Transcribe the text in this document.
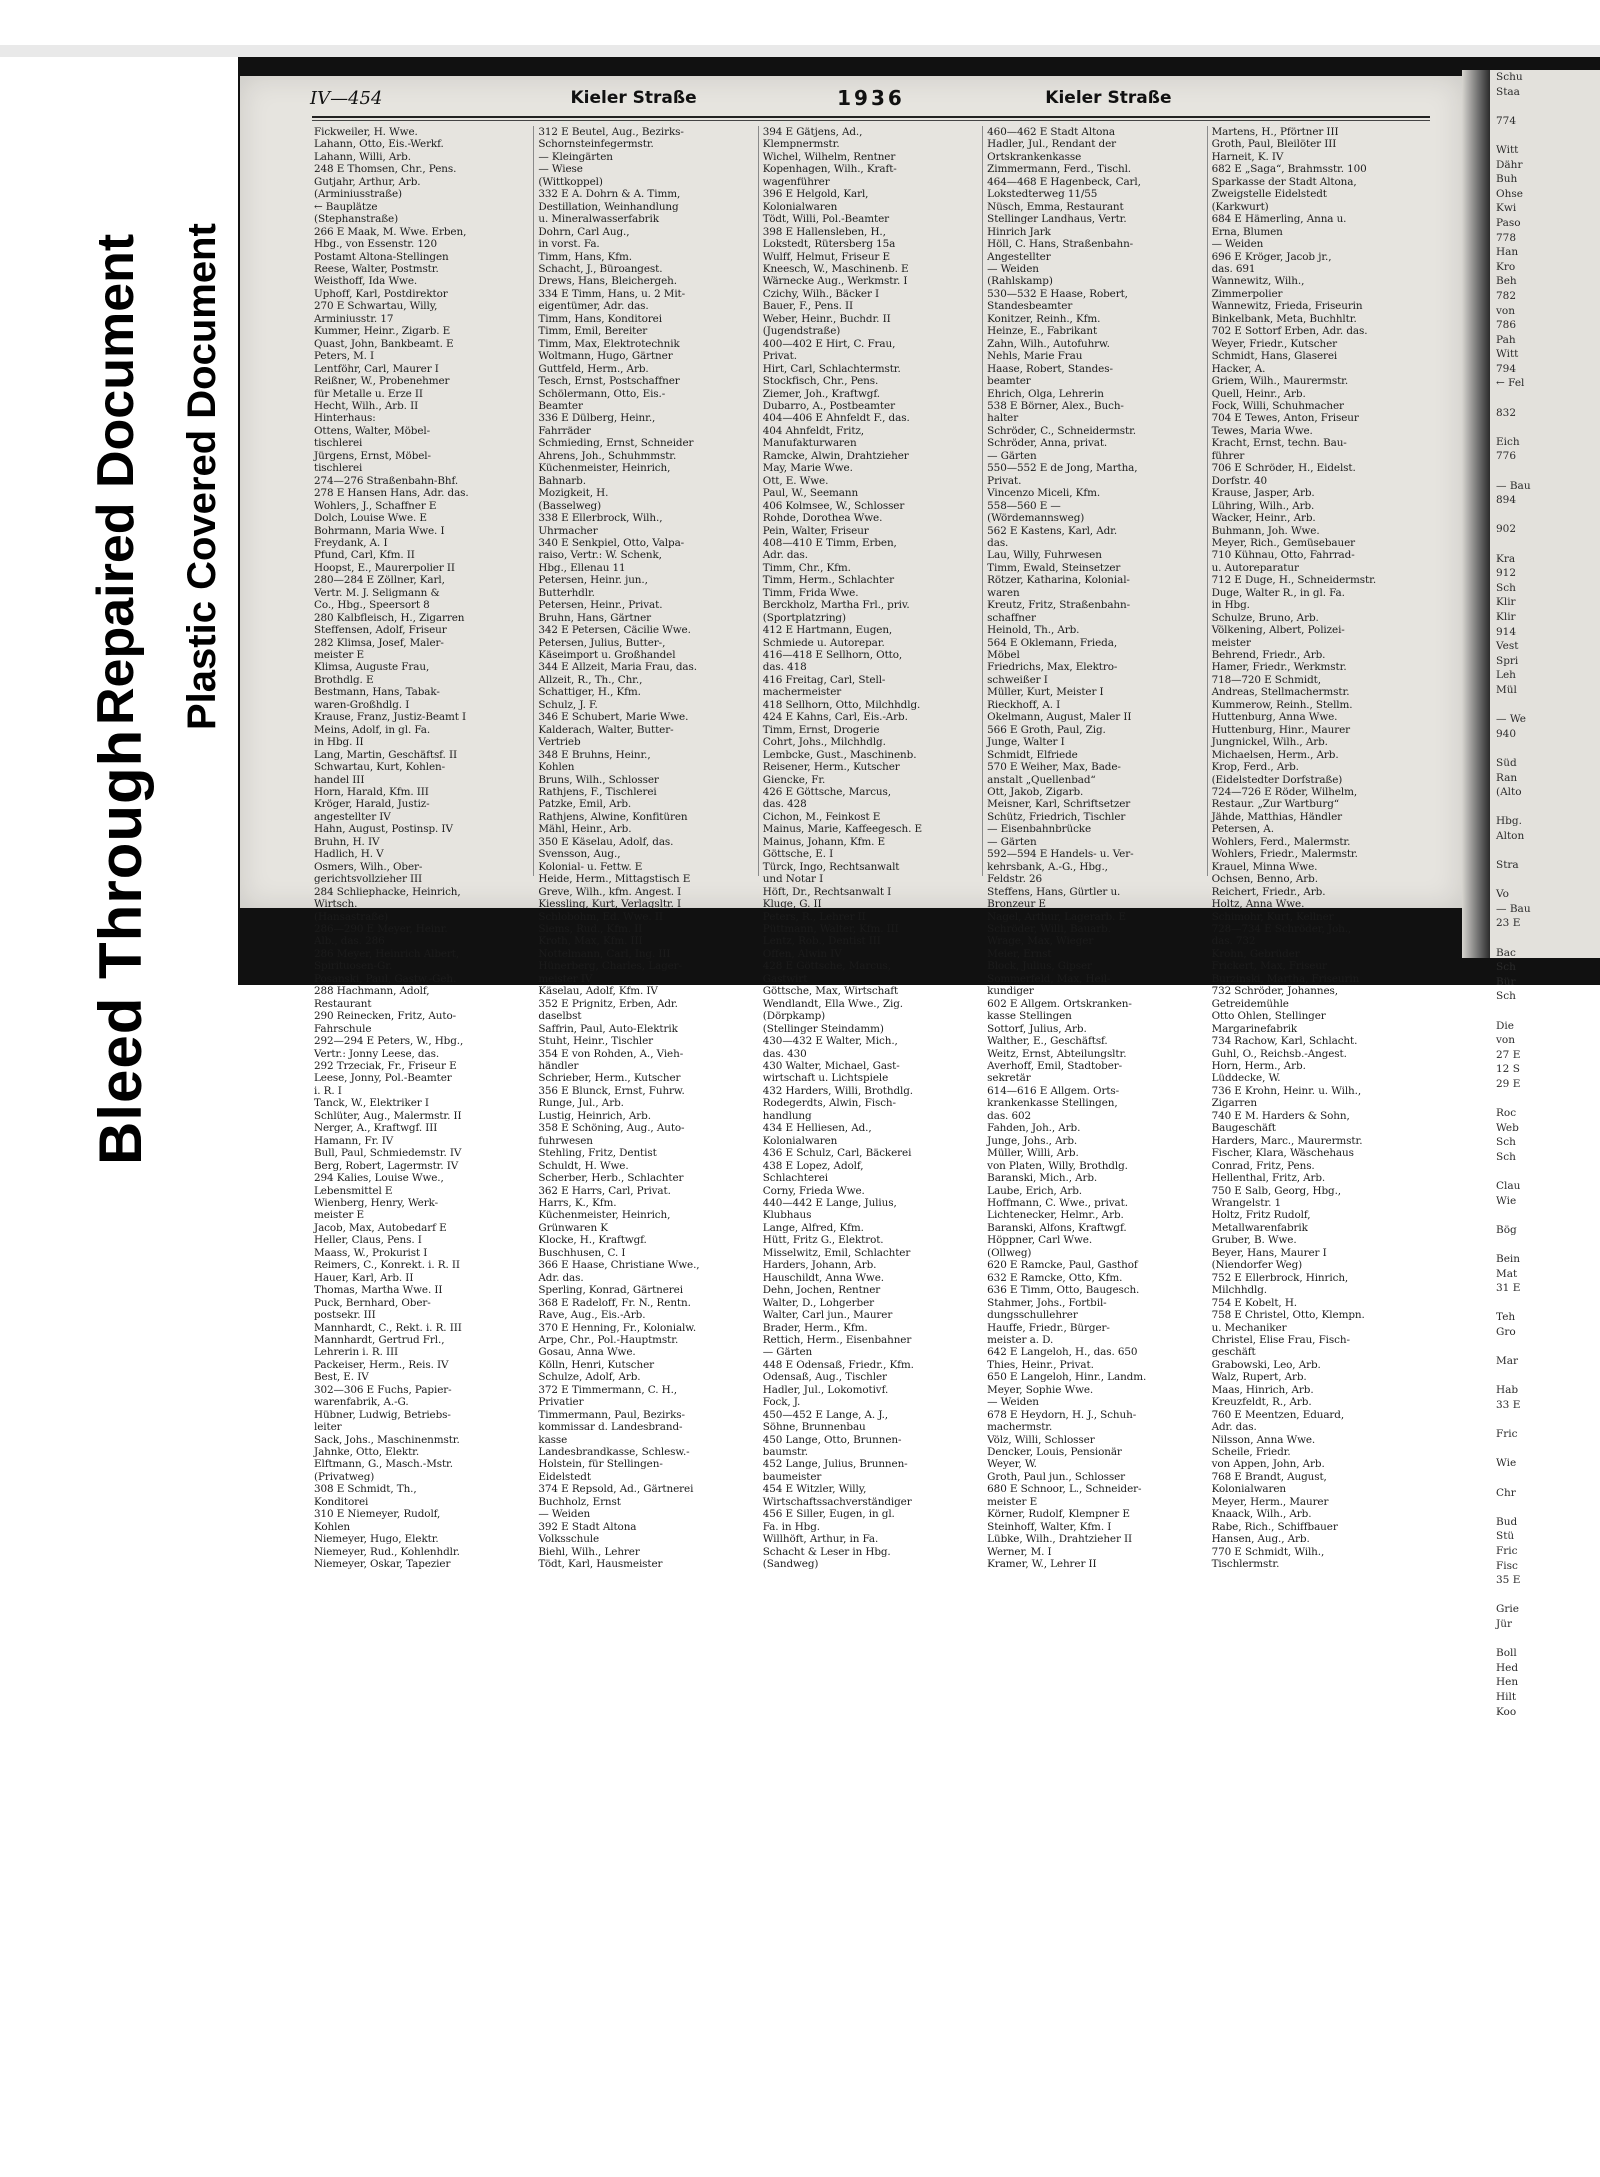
Bleed Through
Repaired Document Plastic Covered Document
IV—454	Kieler Straße	1936	Kieler Straße
Fickweiler, H. Wwe.
Lahann, Otto, Eis.-Werkf.
Lahann, Willi, Arb.
248 E Thomsen, Chr., Pens.
Gutjahr, Arthur, Arb.
(Arminiusstraße)
← Bauplätze
(Stephanstraße)
266 E Maak, M. Wwe. Erben,
Hbg., von Essenstr. 120
Postamt Altona-Stellingen
Reese, Walter, Postmstr.
Weisthoff, Ida Wwe.
Uphoff, Karl, Postdirektor
270 E Schwartau, Willy,
Arminiusstr. 17
Kummer, Heinr., Zigarb. E
Quast, John, Bankbeamt. E
Peters, M. I
Lentföhr, Carl, Maurer I
Reißner, W., Probenehmer
für Metalle u. Erze II
Hecht, Wilh., Arb. II
Hinterhaus:
Ottens, Walter, Möbel-
tischlerei
Jürgens, Ernst, Möbel-
tischlerei
274—276 Straßenbahn-Bhf.
278 E Hansen Hans, Adr. das.
Wohlers, J., Schaffner E
Dolch, Louise Wwe. E
Bohrmann, Maria Wwe. I
Freydank, A. I
Pfund, Carl, Kfm. II
Hoopst, E., Maurerpolier II
280—284 E Zöllner, Karl,
Vertr. M. J. Seligmann &
Co., Hbg., Speersort 8
280 Kalbfleisch, H., Zigarren
Steffensen, Adolf, Friseur
282 Klimsa, Josef, Maler-
meister E
Klimsa, Auguste Frau,
Brothdlg. E
Bestmann, Hans, Tabak-
waren-Großhdlg. I
Krause, Franz, Justiz-Beamt I
Meins, Adolf, in gl. Fa.
in Hbg. II
Lang, Martin, Geschäftsf. II
Schwartau, Kurt, Kohlen-
handel III
Horn, Harald, Kfm. III
Kröger, Harald, Justiz-
angestellter IV
Hahn, August, Postinsp. IV
Bruhn, H. IV
Hadlich, H. V
Osmers, Wilh., Ober-
gerichtsvollzieher III
284 Schliephacke, Heinrich,
Wirtsch.
(Hansastraße)
286—290 E Meyer, Heinr.
Alb., das. 286
286 Meyer, Heinrich Albert,
Spirituosen-Gr.
Posanski, Paul, Gastw.-Geh.
288 Hachmann, Adolf,
Restaurant
290 Reinecken, Fritz, Auto-
Fahrschule
292—294 E Peters, W., Hbg.,
Vertr.: Jonny Leese, das.
292 Trzeciak, Fr., Friseur E
Leese, Jonny, Pol.-Beamter
i. R. I
Tanck, W., Elektriker I
Schlüter, Aug., Malermstr. II
Nerger, A., Kraftwgf. III
Hamann, Fr. IV
Bull, Paul, Schmiedemstr. IV
Berg, Robert, Lagermstr. IV
294 Kalies, Louise Wwe.,
Lebensmittel E
Wienberg, Henry, Werk-
meister E
Jacob, Max, Autobedarf E
Heller, Claus, Pens. I
Maass, W., Prokurist I
Reimers, C., Konrekt. i. R. II
Hauer, Karl, Arb. II
Thomas, Martha Wwe. II
Puck, Bernhard, Ober-
postsekr. III
Mannhardt, C., Rekt. i. R. III
Mannhardt, Gertrud Frl.,
Lehrerin i. R. III
Packeiser, Herm., Reis. IV
Best, E. IV
302—306 E Fuchs, Papier-
warenfabrik, A.-G.
Hübner, Ludwig, Betriebs-
leiter
Sack, Johs., Maschinenmstr.
Jahnke, Otto, Elektr.
Elftmann, G., Masch.-Mstr.
(Privatweg)
308 E Schmidt, Th.,
Konditorei
310 E Niemeyer, Rudolf,
Kohlen
Niemeyer, Hugo, Elektr.
Niemeyer, Rud., Kohlenhdlr.
Niemeyer, Oskar, Tapezier
312 E Beutel, Aug., Bezirks-
Schornsteinfegermstr.
— Kleingärten
— Wiese
(Wittkoppel)
332 E A. Dohrn & A. Timm,
Destillation, Weinhandlung
u. Mineralwasserfabrik
Dohrn, Carl Aug.,
in vorst. Fa.
Timm, Hans, Kfm.
Schacht, J., Büroangest.
Drews, Hans, Bleichergeh.
334 E Timm, Hans, u. 2 Mit-
eigentümer, Adr. das.
Timm, Hans, Konditorei
Timm, Emil, Bereiter
Timm, Max, Elektrotechnik
Woltmann, Hugo, Gärtner
Guttfeld, Herm., Arb.
Tesch, Ernst, Postschaffner
Schölermann, Otto, Eis.-
Beamter
336 E Dülberg, Heinr.,
Fahrräder
Schmieding, Ernst, Schneider
Ahrens, Joh., Schuhmmstr.
Küchenmeister, Heinrich,
Bahnarb.
Mozigkeit, H.
(Basselweg)
338 E Ellerbrock, Wilh.,
Uhrmacher
340 E Senkpiel, Otto, Valpa-
raiso, Vertr.: W. Schenk,
Hbg., Ellenau 11
Petersen, Heinr. jun.,
Butterhdlr.
Petersen, Heinr., Privat.
Bruhn, Hans, Gärtner
342 E Petersen, Cäcilie Wwe.
Petersen, Julius, Butter-,
Käseimport u. Großhandel
344 E Allzeit, Maria Frau, das.
Allzeit, R., Th., Chr.,
Schattiger, H., Kfm.
Schulz, J. F.
346 E Schubert, Marie Wwe.
Kalderach, Walter, Butter-
Vertrieb
348 E Bruhns, Heinr.,
Kohlen
Bruns, Wilh., Schlosser
Rathjens, F., Tischlerei
Patzke, Emil, Arb.
Rathjens, Alwine, Konfitüren
Mähl, Heinr., Arb.
350 E Käselau, Adolf, das.
Svensson, Aug.,
Kolonial- u. Fettw. E
Heide, Herm., Mittagstisch E
Greve, Wilh., kfm. Angest. I
Kiessling, Kurt, Verlagsltr. I
Schlobohm, Ed. Wwe. II
Siems, Rud., Kfm. II
Kroth, Max, Kfm. III
Nottelmann, Carl, Ing. III
Hünerberg, Charles, Lager-
meister IV
Käselau, Adolf, Kfm. IV
352 E Prignitz, Erben, Adr.
daselbst
Saffrin, Paul, Auto-Elektrik
Stuht, Heinr., Tischler
354 E von Rohden, A., Vieh-
händler
Schrieber, Herm., Kutscher
356 E Blunck, Ernst, Fuhrw.
Runge, Jul., Arb.
Lustig, Heinrich, Arb.
358 E Schöning, Aug., Auto-
fuhrwesen
Stehling, Fritz, Dentist
Schuldt, H. Wwe.
Scherber, Herb., Schlachter
362 E Harrs, Carl, Privat.
Harrs, K., Kfm.
Küchenmeister, Heinrich,
Grünwaren K
Klocke, H., Kraftwgf.
Buschhusen, C. I
366 E Haase, Christiane Wwe.,
Adr. das.
Sperling, Konrad, Gärtnerei
368 E Radeloff, Fr. N., Rentn.
Rave, Aug., Eis.-Arb.
370 E Henning, Fr., Kolonialw.
Arpe, Chr., Pol.-Hauptmstr.
Gosau, Anna Wwe.
Kölln, Henri, Kutscher
Schulze, Adolf, Arb.
372 E Timmermann, C. H.,
Privatier
Timmermann, Paul, Bezirks-
kommissar d. Landesbrand-
kasse
Landesbrandkasse, Schlesw.-
Holstein, für Stellingen-
Eidelstedt
374 E Repsold, Ad., Gärtnerei
Buchholz, Ernst
— Weiden
392 E Stadt Altona
Volksschule
Biehl, Wilh., Lehrer
Tödt, Karl, Hausmeister
394 E Gätjens, Ad.,
Klempnermstr.
Wichel, Wilhelm, Rentner
Kopenhagen, Wilh., Kraft-
wagenführer
396 E Helgold, Karl,
Kolonialwaren
Tödt, Willi, Pol.-Beamter
398 E Hallensleben, H.,
Lokstedt, Rütersberg 15a
Wulff, Helmut, Friseur E
Kneesch, W., Maschinenb. E
Wärnecke Aug., Werkmstr. I
Czichy, Wilh., Bäcker I
Bauer, F., Pens. II
Weber, Heinr., Buchdr. II
(Jugendstraße)
400—402 E Hirt, C. Frau,
Privat.
Hirt, Carl, Schlachtermstr.
Stockfisch, Chr., Pens.
Ziemer, Joh., Kraftwgf.
Dubarro, A., Postbeamter
404—406 E Ahnfeldt F., das.
404 Ahnfeldt, Fritz,
Manufakturwaren
Ramcke, Alwin, Drahtzieher
May, Marie Wwe.
Ott, E. Wwe.
Paul, W., Seemann
406 Kolmsee, W., Schlosser
Rohde, Dorothea Wwe.
Pein, Walter, Friseur
408—410 E Timm, Erben,
Adr. das.
Timm, Chr., Kfm.
Timm, Herm., Schlachter
Timm, Frida Wwe.
Berckholz, Martha Frl., priv.
(Sportplatzring)
412 E Hartmann, Eugen,
Schmiede u. Autorepar.
416—418 E Sellhorn, Otto,
das. 418
416 Freitag, Carl, Stell-
machermeister
418 Sellhorn, Otto, Milchhdlg.
424 E Kahns, Carl, Eis.-Arb.
Timm, Ernst, Drogerie
Cohrt, Johs., Milchhdlg.
Lembcke, Gust., Maschinenb.
Reisener, Herm., Kutscher
Giencke, Fr.
426 E Göttsche, Marcus,
das. 428
Cichon, M., Feinkost E
Mainus, Marie, Kaffeegesch. E
Mainus, Johann, Kfm. E
Göttsche, E. I
Türck, Ingo, Rechtsanwalt
und Notar I
Höft, Dr., Rechtsanwalt I
Kluge, G. II
Peters, R., Lehrer II
Püttmann, Walter, Kfm. III
Lentz, Rob., Dentist III
Offen, Alwin IV
428 E Göttsche, Marcus,
Gastwirt
Göttsche, Max, Wirtschaft
Wendlandt, Ella Wwe., Zig.
(Dörpkamp)
(Stellinger Steindamm)
430—432 E Walter, Mich.,
das. 430
430 Walter, Michael, Gast-
wirtschaft u. Lichtspiele
432 Harders, Willi, Brothdlg.
Rodegerdts, Alwin, Fisch-
handlung
434 E Helliesen, Ad.,
Kolonialwaren
436 E Schulz, Carl, Bäckerei
438 E Lopez, Adolf,
Schlachterei
Corny, Frieda Wwe.
440—442 E Lange, Julius,
Klubhaus
Lange, Alfred, Kfm.
Hütt, Fritz G., Elektrot.
Misselwitz, Emil, Schlachter
Harders, Johann, Arb.
Hauschildt, Anna Wwe.
Dehn, Jochen, Rentner
Walter, D., Lohgerber
Walter, Carl jun., Maurer
Brader, Herm., Kfm.
Rettich, Herm., Eisenbahner
— Gärten
448 E Odensaß, Friedr., Kfm.
Odensaß, Aug., Tischler
Hadler, Jul., Lokomotivf.
Fock, J.
450—452 E Lange, A. J.,
Söhne, Brunnenbau
450 Lange, Otto, Brunnen-
baumstr.
452 Lange, Julius, Brunnen-
baumeister
454 E Witzler, Willy,
Wirtschaftssachverständiger
456 E Siller, Eugen, in gl.
Fa. in Hbg.
Willhöft, Arthur, in Fa.
Schacht & Leser in Hbg.
(Sandweg)
460—462 E Stadt Altona
Hadler, Jul., Rendant der
Ortskrankenkasse
Zimmermann, Ferd., Tischl.
464—468 E Hagenbeck, Carl,
Lokstedterweg 11/55
Nüsch, Emma, Restaurant
Stellinger Landhaus, Vertr.
Hinrich Jark
Höll, C. Hans, Straßenbahn-
Angestellter
— Weiden
(Rahlskamp)
530—532 E Haase, Robert,
Standesbeamter
Konitzer, Reinh., Kfm.
Heinze, E., Fabrikant
Zahn, Wilh., Autofuhrw.
Nehls, Marie Frau
Haase, Robert, Standes-
beamter
Ehrich, Olga, Lehrerin
538 E Börner, Alex., Buch-
halter
Schröder, C., Schneidermstr.
Schröder, Anna, privat.
— Gärten
550—552 E de Jong, Martha,
Privat.
Vincenzo Miceli, Kfm.
558—560 E —
(Wördemannsweg)
562 E Kastens, Karl, Adr.
das.
Lau, Willy, Fuhrwesen
Timm, Ewald, Steinsetzer
Rötzer, Katharina, Kolonial-
waren
Kreutz, Fritz, Straßenbahn-
schaffner
Heinold, Th., Arb.
564 E Oklemann, Frieda,
Möbel
Friedrichs, Max, Elektro-
schweißer I
Müller, Kurt, Meister I
Rieckhoff, A. I
Okelmann, August, Maler II
566 E Groth, Paul, Zig.
Junge, Walter I
Schmidt, Elfriede
570 E Weiher, Max, Bade-
anstalt „Quellenbad“
Ott, Jakob, Zigarb.
Meisner, Karl, Schriftsetzer
Schütz, Friedrich, Tischler
— Eisenbahnbrücke
— Gärten
592—594 E Handels- u. Ver-
kehrsbank, A.-G., Hbg.,
Feldstr. 26
Steffens, Hans, Gürtler u.
Bronzeur E
Nagel, Arthur, Lagerarb. E
Schröder, Willi, Bauarb.
Wrage, Max, Wieger
Meier, Ernst
Block, Julius, Gipser
Sommerfeld, Max, Heil-
kundiger
602 E Allgem. Ortskranken-
kasse Stellingen
Sottorf, Julius, Arb.
Walther, E., Geschäftsf.
Weitz, Ernst, Abteilungsltr.
Averhoff, Emil, Stadtober-
sekretär
614—616 E Allgem. Orts-
krankenkasse Stellingen,
das. 602
Fahden, Joh., Arb.
Junge, Johs., Arb.
Müller, Willi, Arb.
von Platen, Willy, Brothdlg.
Baranski, Mich., Arb.
Laube, Erich, Arb.
Hoffmann, C. Wwe., privat.
Lichtenecker, Helmr., Arb.
Baranski, Alfons, Kraftwgf.
Höppner, Carl Wwe.
(Ollweg)
620 E Ramcke, Paul, Gasthof
632 E Ramcke, Otto, Kfm.
636 E Timm, Otto, Baugesch.
Stahmer, Johs., Fortbil-
dungsschullehrer
Hauffe, Friedr., Bürger-
meister a. D.
642 E Langeloh, H., das. 650
Thies, Heinr., Privat.
650 E Langeloh, Hinr., Landm.
Meyer, Sophie Wwe.
— Weiden
678 E Heydorn, H. J., Schuh-
machermstr.
Völz, Willi, Schlosser
Dencker, Louis, Pensionär
Weyer, W.
Groth, Paul jun., Schlosser
680 E Schnoor, L., Schneider-
meister E
Körner, Rudolf, Klempner E
Steinhoff, Walter, Kfm. I
Lübke, Wilh., Drahtzieher II
Werner, M. I
Kramer, W., Lehrer II
Martens, H., Pförtner III
Groth, Paul, Bleilöter III
Harneit, K. IV
682 E „Saga“, Brahmsstr. 100
Sparkasse der Stadt Altona,
Zweigstelle Eidelstedt
(Karkwurt)
684 E Hämerling, Anna u.
Erna, Blumen
— Weiden
696 E Kröger, Jacob jr.,
das. 691
Wannewitz, Wilh.,
Zimmerpolier
Wannewitz, Frieda, Friseurin
Binkelbank, Meta, Buchhltr.
702 E Sottorf Erben, Adr. das.
Weyer, Friedr., Kutscher
Schmidt, Hans, Glaserei
Hacker, A.
Griem, Wilh., Maurermstr.
Quell, Heinr., Arb.
Fock, Willi, Schuhmacher
704 E Tewes, Anton, Friseur
Tewes, Maria Wwe.
Kracht, Ernst, techn. Bau-
führer
706 E Schröder, H., Eidelst.
Dorfstr. 40
Krause, Jasper, Arb.
Lühring, Wilh., Arb.
Wacker, Heinr., Arb.
Buhmann, Joh. Wwe.
Meyer, Rich., Gemüsebauer
710 Kühnau, Otto, Fahrrad-
u. Autoreparatur
712 E Duge, H., Schneidermstr.
Duge, Walter R., in gl. Fa.
in Hbg.
Schulze, Bruno, Arb.
Völkening, Albert, Polizei-
meister
Behrend, Friedr., Arb.
Hamer, Friedr., Werkmstr.
718—720 E Schmidt,
Andreas, Stellmachermstr.
Kummerow, Reinh., Stellm.
Huttenburg, Anna Wwe.
Huttenburg, Hinr., Maurer
Jungnickel, Wilh., Arb.
Michaelsen, Herm., Arb.
Krop, Ferd., Arb.
(Eidelstedter Dorfstraße)
724—726 E Röder, Wilhelm,
Restaur. „Zur Wartburg“
Jähde, Matthias, Händler
Petersen, A.
Wohlers, Ferd., Malermstr.
Wohlers, Friedr., Malermstr.
Krauel, Minna Wwe.
Ochsen, Benno, Arb.
Reichert, Friedr., Arb.
Holtz, Anna Wwe.
Schimohr, Kurt, Kellner
728—734 E Schröder, Joh.,
das. 732
Krohn, Gebrüder
Frickert, Max, Friseur
Burzinski, Martha, Friseurin
732 Schröder, Johannes,
Getreidemühle
Otto Ohlen, Stellinger
Margarinefabrik
734 Rachow, Karl, Schlacht.
Guhl, O., Reichsb.-Angest.
Horn, Herm., Arb.
Lüddecke, W.
736 E Krohn, Heinr. u. Wilh.,
Zigarren
740 E M. Harders & Sohn,
Baugeschäft
Harders, Marc., Maurermstr.
Fischer, Klara, Wäschehaus
Conrad, Fritz, Pens.
Hellenthal, Fritz, Arb.
750 E Salb, Georg, Hbg.,
Wrangelstr. 1
Holtz, Fritz Rudolf,
Metallwarenfabrik
Gruber, B. Wwe.
Beyer, Hans, Maurer I
(Niendorfer Weg)
752 E Ellerbrock, Hinrich,
Milchhdlg.
754 E Kobelt, H.
758 E Christel, Otto, Klempn.
u. Mechaniker
Christel, Elise Frau, Fisch-
geschäft
Grabowski, Leo, Arb.
Walz, Rupert, Arb.
Maas, Hinrich, Arb.
Kreuzfeldt, R., Arb.
760 E Meentzen, Eduard,
Adr. das.
Nilsson, Anna Wwe.
Scheile, Friedr.
von Appen, John, Arb.
768 E Brandt, August,
Kolonialwaren
Meyer, Herm., Maurer
Knaack, Wilh., Arb.
Rabe, Rich., Schiffbauer
Hansen, Aug., Arb.
770 E Schmidt, Wilh.,
Tischlermstr.
Schu
Staa

774

Witt
Dähr
Buh
Ohse
Kwi
Paso
778
Han
Kro
Beh
782
von
786
Pah
Witt
794
← Fel

832

Eich
776

— Bau
894

902

Kra
912
Sch
Klir
Klir
914
Vest
Spri
Leh
Mül

— We
940

Süd
Ran
(Alto

Hbg.
Alton

Stra

Vo
— Bau
23 E

Bac
Sch
Bür
Sch

Die
von
27 E
12 S
29 E

Roc
Web
Sch
Sch

Clau
Wie

Bög

Bein
Mat
31 E

Teh
Gro

Mar

Hab
33 E

Fric

Wie

Chr

Bud
Stü
Fric
Fisc
35 E

Grie
Jür

Boll
Hed
Hen
Hilt
Koo
